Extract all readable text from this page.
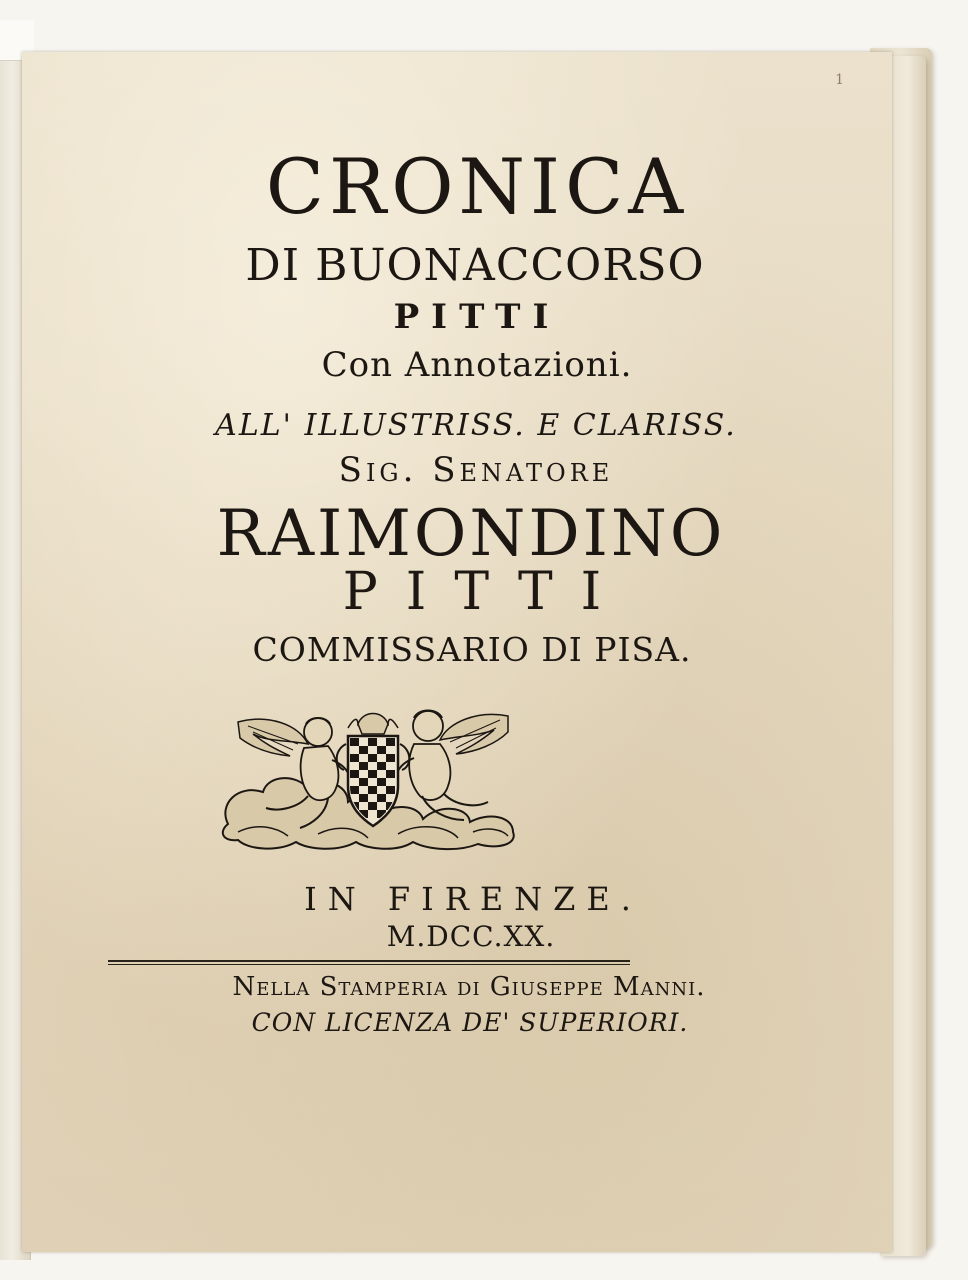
1
CRONICA
DI BUONACCORSO
PITTI
Con Annotazioni.
ALL' ILLUSTRISS. E CLARISS.
Sig. Senatore
RAIMONDINO
PITTI
COMMISSARIO DI PISA.
IN FIRENZE.
M.DCC.XX.
Nella Stamperia di Giuseppe Manni.
CON LICENZA DE' SUPERIORI.
